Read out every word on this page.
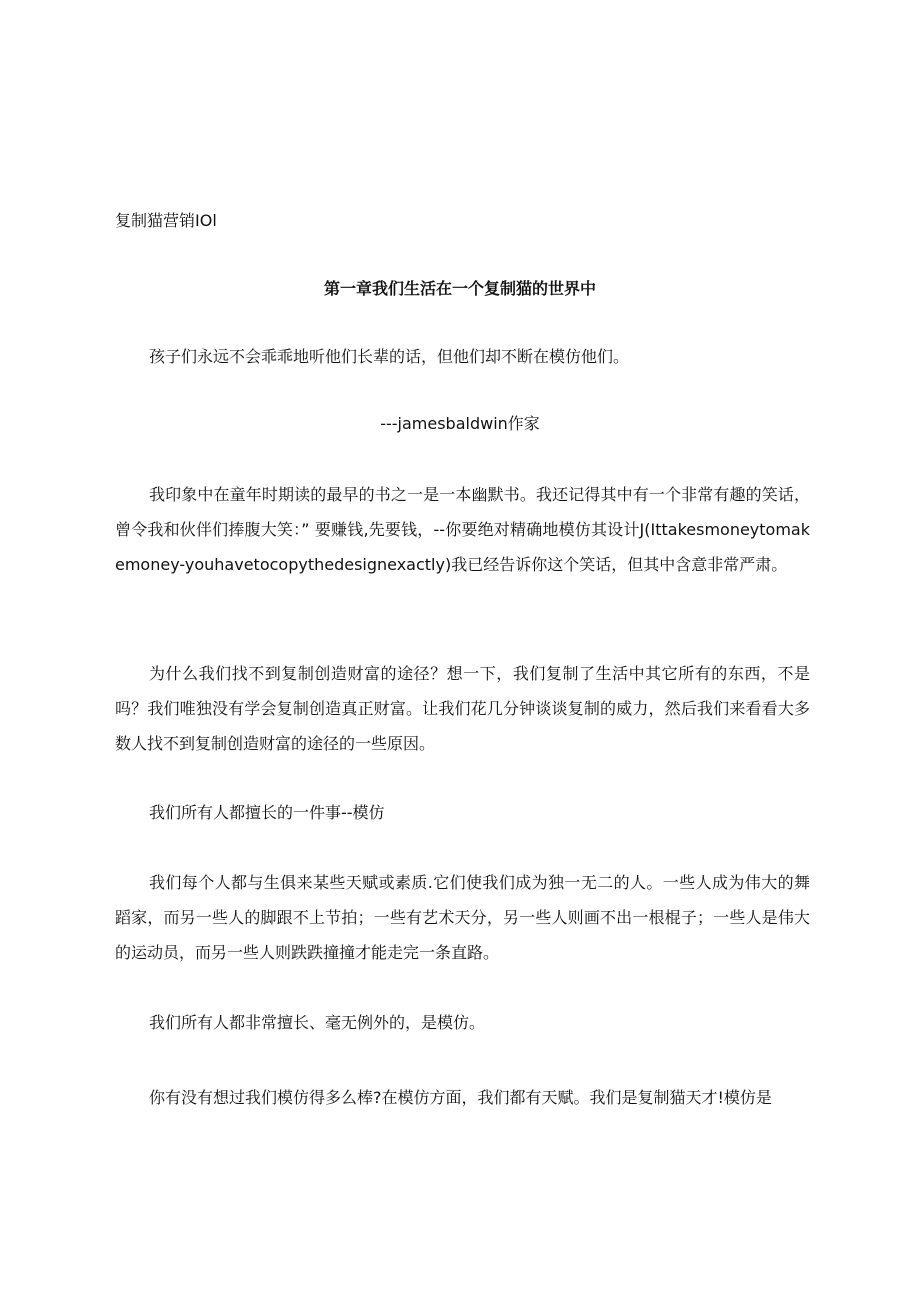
复制猫营销IOl

第一章我们生活在一个复制猫的世界中

孩子们永远不会乖乖地听他们长辈的话，但他们却不断在模仿他们。

---jamesbaldwin作家

我印象中在童年时期读的最早的书之一是一本幽默书。我还记得其中有一个非常有趣的笑话，曾令我和伙伴们捧腹大笑：” 要赚钱,先要钱，--你要绝对精确地模仿其设计J(Ittakesmoneytomakemoney-youhavetocopythedesignexactly)我已经告诉你这个笑话，但其中含意非常严肃。

为什么我们找不到复制创造财富的途径？想一下，我们复制了生活中其它所有的东西，不是吗？我们唯独没有学会复制创造真正财富。让我们花几分钟谈谈复制的威力，然后我们来看看大多数人找不到复制创造财富的途径的一些原因。

我们所有人都擅长的一件事--模仿

我们每个人都与生俱来某些天赋或素质.它们使我们成为独一无二的人。一些人成为伟大的舞蹈家，而另一些人的脚跟不上节拍；一些有艺术天分，另一些人则画不出一根棍子；一些人是伟大的运动员，而另一些人则跌跌撞撞才能走完一条直路。

我们所有人都非常擅长、毫无例外的，是模仿。

你有没有想过我们模仿得多么棒?在模仿方面，我们都有天赋。我们是复制猫天才!模仿是
